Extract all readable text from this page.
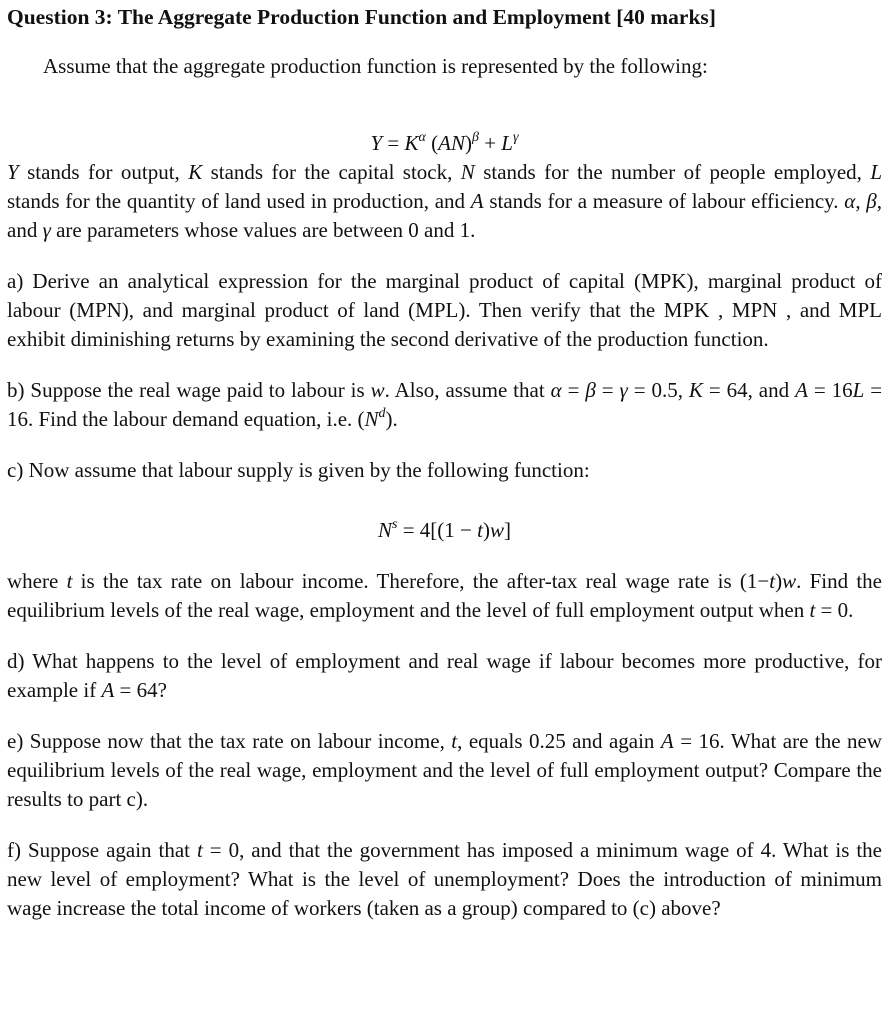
Question 3: The Aggregate Production Function and Employment [40 marks]
Assume that the aggregate production function is represented by the following:
$Y = K^\alpha$ $(AN)^\beta + L^\gamma$

Y stands for output, K stands for the capital stock, N stands for the number of people employed, L stands for the quantity of land used in production, and A stands for a measure of labour efficiency. α, β, and γ are parameters whose values are between 0 and 1.

a) Derive an analytical expression for the marginal product of capital (MPK), marginal product of labour (MPN), and marginal product of land (MPL). Then verify that the MPK , MPN , and MPL exhibit diminishing returns by examining the second derivative of the production function.

b) Suppose the real wage paid to labour is w. Also, assume that α = β = γ = 0.5, K = 64, and A = 16L = 16. Find the labour demand equation, i.e. $(N^d)$.

c) Now assume that labour supply is given by the following function:

$N^s = 4[(1 - t)w]$

where t is the tax rate on labour income. Therefore, the after-tax real wage rate is (1−t)w. Find the equilibrium levels of the real wage, employment and the level of full employment output when t = 0.

d) What happens to the level of employment and real wage if labour becomes more productive, for example if A = 64?

e) Suppose now that the tax rate on labour income, t, equals 0.25 and again A = 16. What are the new equilibrium levels of the real wage, employment and the level of full employment output? Compare the results to part c).

f) Suppose again that t = 0, and that the government has imposed a minimum wage of 4. What is the new level of employment? What is the level of unemployment? Does the introduction of minimum wage increase the total income of workers (taken as a group) compared to (c) above?
